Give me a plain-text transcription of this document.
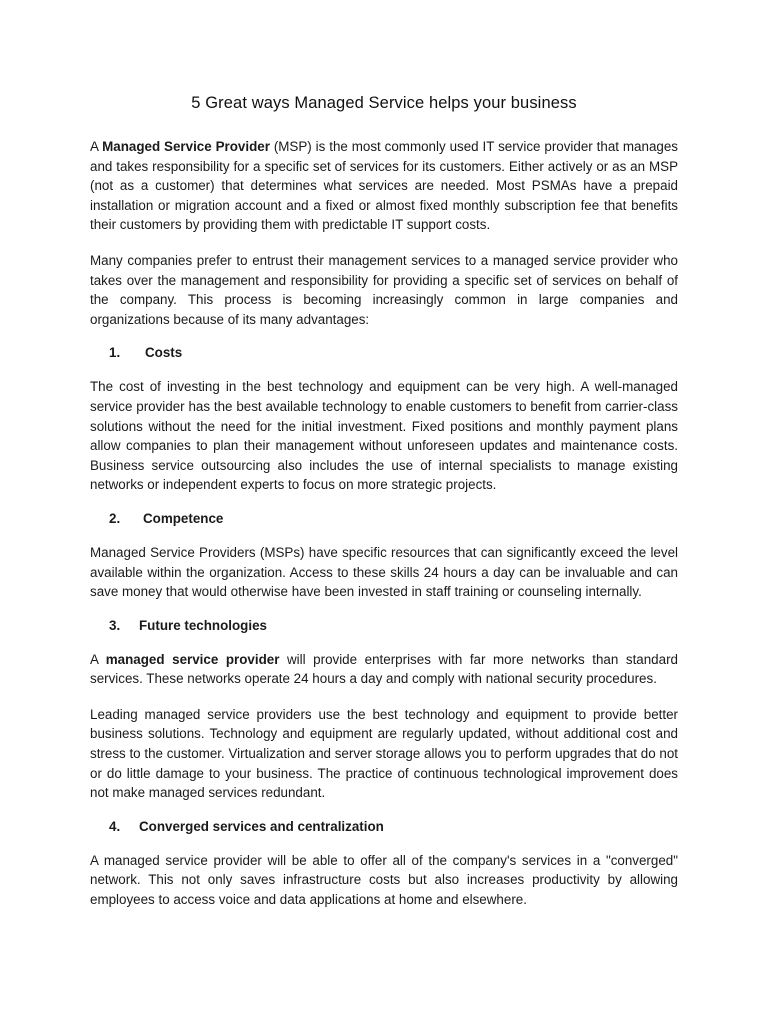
5 Great ways Managed Service helps your business

A Managed Service Provider (MSP) is the most commonly used IT service provider that manages and takes responsibility for a specific set of services for its customers. Either actively or as an MSP (not as a customer) that determines what services are needed. Most PSMAs have a prepaid installation or migration account and a fixed or almost fixed monthly subscription fee that benefits their customers by providing them with predictable IT support costs.

Many companies prefer to entrust their management services to a managed service provider who takes over the management and responsibility for providing a specific set of services on behalf of the company. This process is becoming increasingly common in large companies and organizations because of its many advantages:

1.	Costs

The cost of investing in the best technology and equipment can be very high. A well-managed service provider has the best available technology to enable customers to benefit from carrier-class solutions without the need for the initial investment. Fixed positions and monthly payment plans allow companies to plan their management without unforeseen updates and maintenance costs. Business service outsourcing also includes the use of internal specialists to manage existing networks or independent experts to focus on more strategic projects.

2.	Competence

Managed Service Providers (MSPs) have specific resources that can significantly exceed the level available within the organization. Access to these skills 24 hours a day can be invaluable and can save money that would otherwise have been invested in staff training or counseling internally.

3.	Future technologies

A managed service provider will provide enterprises with far more networks than standard services. These networks operate 24 hours a day and comply with national security procedures.

Leading managed service providers use the best technology and equipment to provide better business solutions. Technology and equipment are regularly updated, without additional cost and stress to the customer. Virtualization and server storage allows you to perform upgrades that do not or do little damage to your business. The practice of continuous technological improvement does not make managed services redundant.

4.	Converged services and centralization

A managed service provider will be able to offer all of the company's services in a "converged" network. This not only saves infrastructure costs but also increases productivity by allowing employees to access voice and data applications at home and elsewhere.
